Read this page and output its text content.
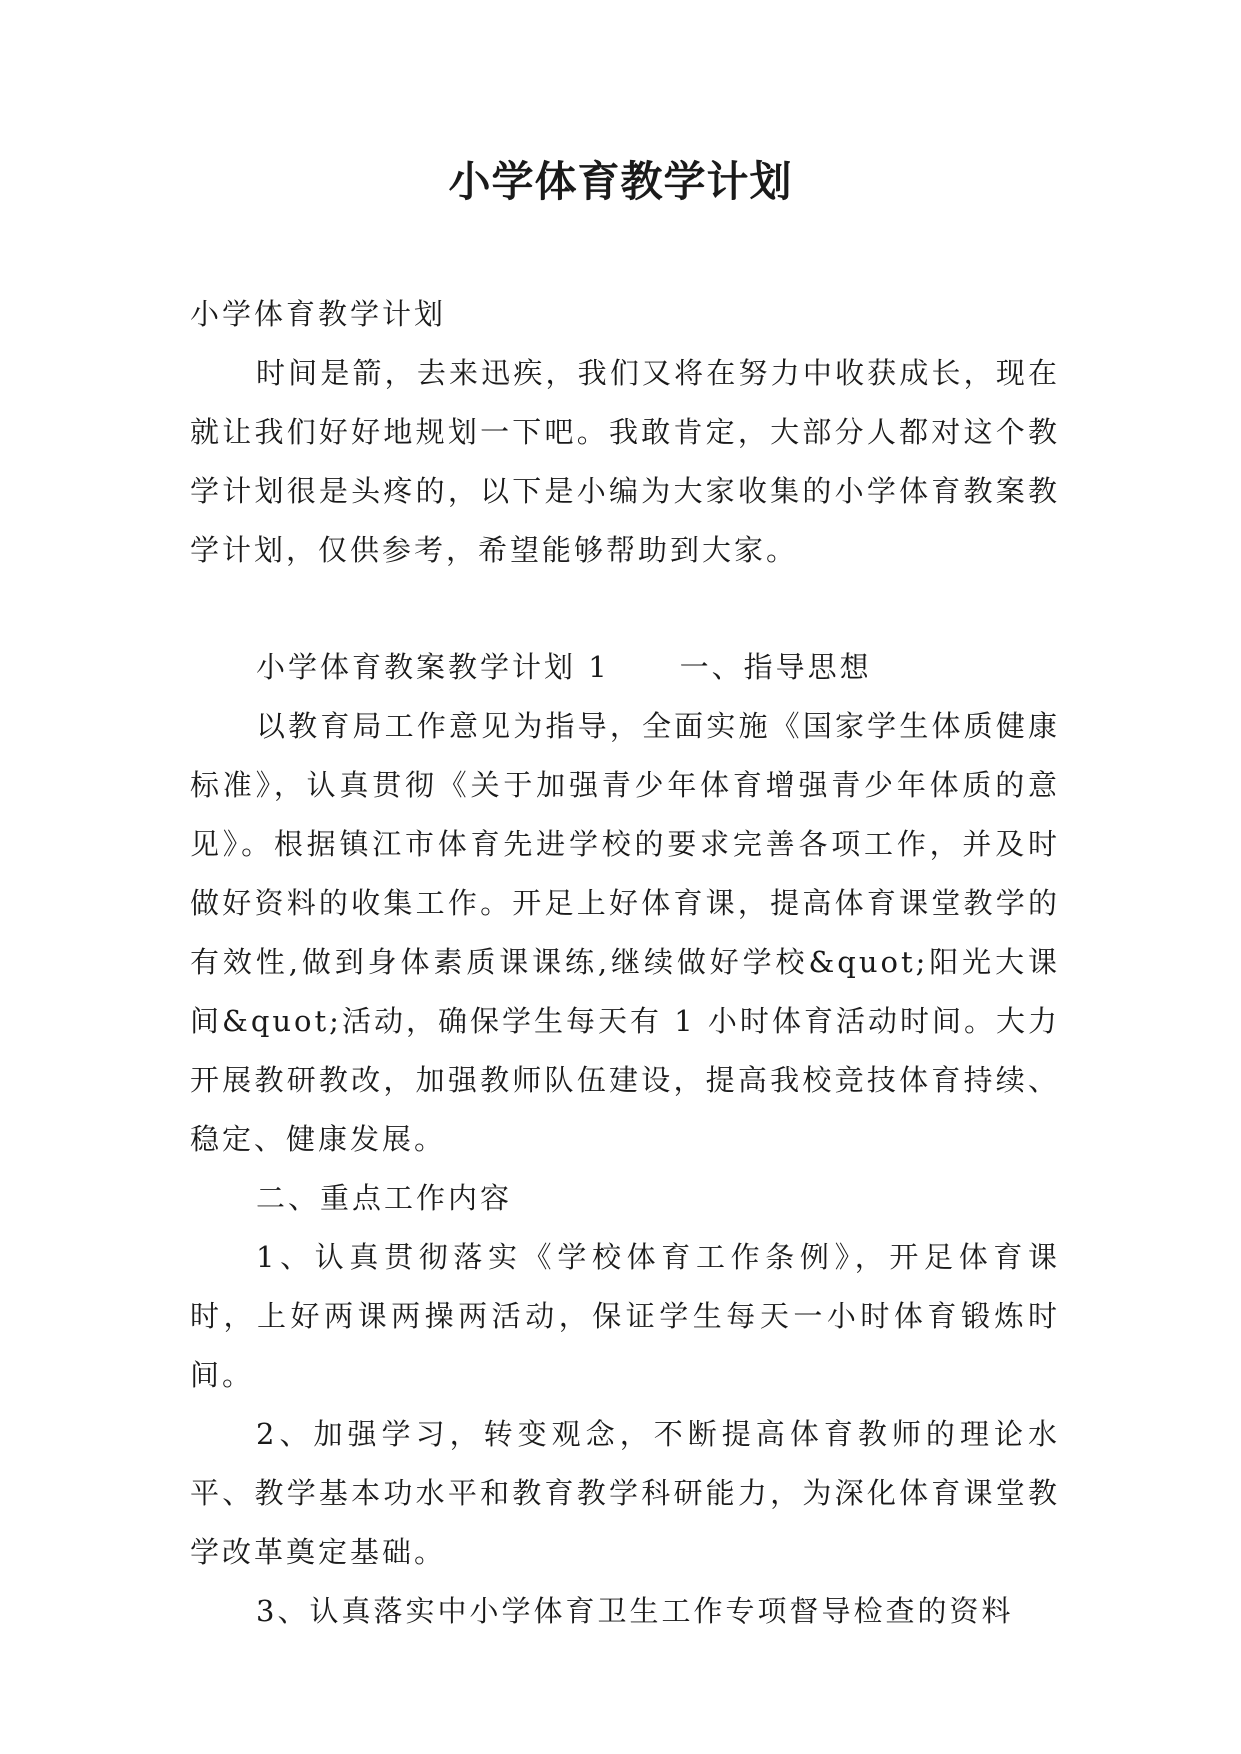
小学体育教学计划

小学体育教学计划

时间是箭，去来迅疾，我们又将在努力中收获成长，现在就让我们好好地规划一下吧。我敢肯定，大部分人都对这个教学计划很是头疼的，以下是小编为大家收集的小学体育教案教学计划，仅供参考，希望能够帮助到大家。

小学体育教案教学计划 1 一、指导思想

以教育局工作意见为指导，全面实施《国家学生体质健康标准》，认真贯彻《关于加强青少年体育增强青少年体质的意见》。根据镇江市体育先进学校的要求完善各项工作，并及时做好资料的收集工作。开足上好体育课，提高体育课堂教学的有效性,做到身体素质课课练,继续做好学校&quot;阳光大课间&quot;活动，确保学生每天有 1 小时体育活动时间。大力开展教研教改，加强教师队伍建设，提高我校竞技体育持续、稳定、健康发展。

二、重点工作内容

1、认真贯彻落实《学校体育工作条例》，开足体育课时，上好两课两操两活动，保证学生每天一小时体育锻炼时间。

2、加强学习，转变观念，不断提高体育教师的理论水平、教学基本功水平和教育教学科研能力，为深化体育课堂教学改革奠定基础。

3、认真落实中小学体育卫生工作专项督导检查的资料
